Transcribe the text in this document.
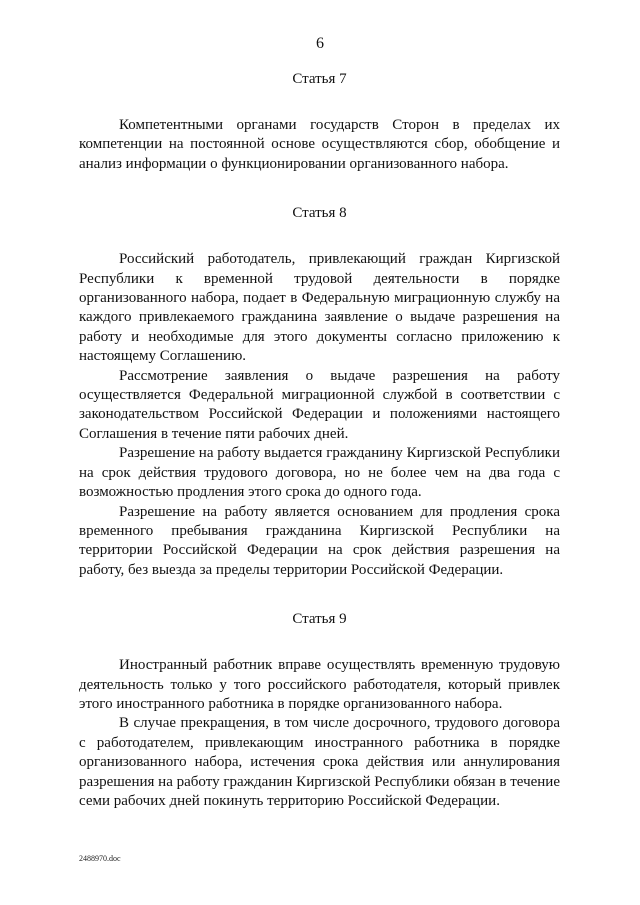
6

Статья 7

Компетентными органами государств Сторон в пределах их компетенции на постоянной основе осуществляются сбор, обобщение и анализ информации о функционировании организованного набора.

Статья 8

Российский работодатель, привлекающий граждан Киргизской Республики к временной трудовой деятельности в порядке организованного набора, подает в Федеральную миграционную службу на каждого привлекаемого гражданина заявление о выдаче разрешения на работу и необходимые для этого документы согласно приложению к настоящему Соглашению.

Рассмотрение заявления о выдаче разрешения на работу осуществляется Федеральной миграционной службой в соответствии с законодательством Российской Федерации и положениями настоящего Соглашения в течение пяти рабочих дней.

Разрешение на работу выдается гражданину Киргизской Республики на срок действия трудового договора, но не более чем на два года с возможностью продления этого срока до одного года.

Разрешение на работу является основанием для продления срока временного пребывания гражданина Киргизской Республики на территории Российской Федерации на срок действия разрешения на работу, без выезда за пределы территории Российской Федерации.

Статья 9

Иностранный работник вправе осуществлять временную трудовую деятельность только у того российского работодателя, который привлек этого иностранного работника в порядке организованного набора.

В случае прекращения, в том числе досрочного, трудового договора с работодателем, привлекающим иностранного работника в порядке организованного набора, истечения срока действия или аннулирования разрешения на работу гражданин Киргизской Республики обязан в течение семи рабочих дней покинуть территорию Российской Федерации.

2488970.doc
